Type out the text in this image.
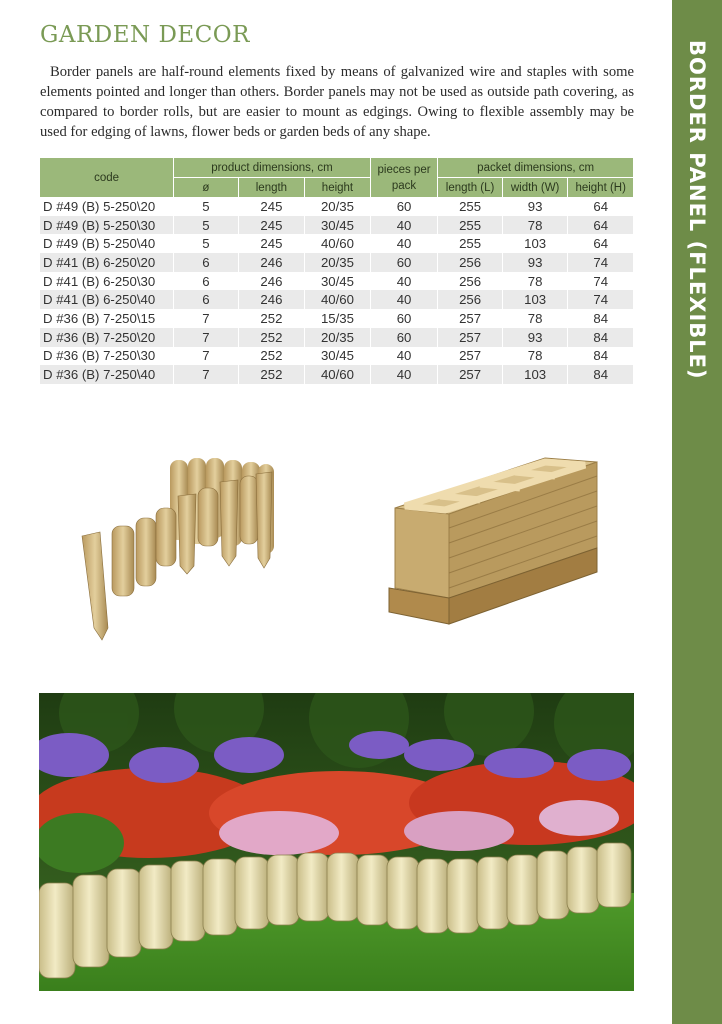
BORDER PANEL (FLEXIBLE)
GARDEN DECOR
Border panels are half-round elements fixed by means of galvanized wire and staples with some elements pointed and longer than others. Border panels may not be used as outside path covering, as compared to border rolls, but are easier to mount as edgings. Owing to flexible assembly may be used for edging of lawns, flower beds or garden beds of any shape.
code	product dimensions, cm			pieces per pack	packet dimensions, cm		
	ø	length	height		length (L)	width (W)	height (H)
D #49 (B) 5-250\20	5	245	20/35	60	255	93	64
D #49 (B) 5-250\30	5	245	30/45	40	255	78	64
D #49 (B) 5-250\40	5	245	40/60	40	255	103	64
D #41 (B) 6-250\20	6	246	20/35	60	256	93	74
D #41 (B) 6-250\30	6	246	30/45	40	256	78	74
D #41 (B) 6-250\40	6	246	40/60	40	256	103	74
D #36 (B) 7-250\15	7	252	15/35	60	257	78	84
D #36 (B) 7-250\20	7	252	20/35	60	257	93	84
D #36 (B) 7-250\30	7	252	30/45	40	257	78	84
D #36 (B) 7-250\40	7	252	40/60	40	257	103	84
